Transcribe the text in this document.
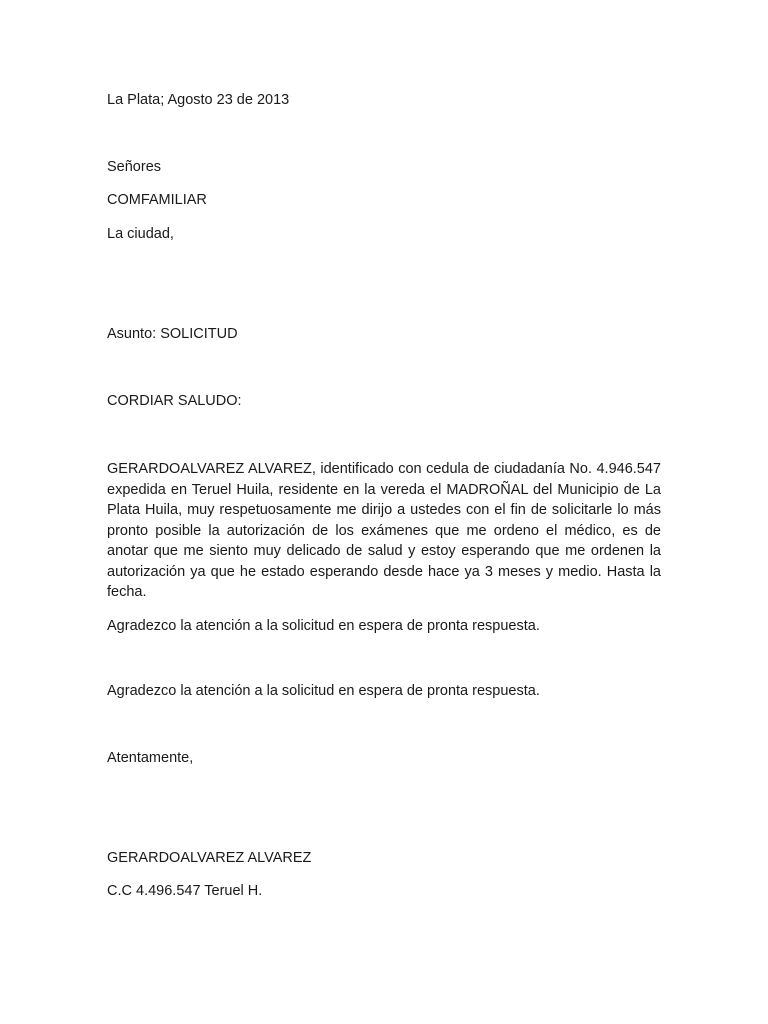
La Plata; Agosto 23 de 2013
Señores
COMFAMILIAR
La ciudad,
Asunto: SOLICITUD
CORDIAR SALUDO:
GERARDOALVAREZ ALVAREZ, identificado con cedula de ciudadanía No. 4.946.547 expedida en Teruel Huila, residente en la vereda el MADROÑAL del Municipio de La Plata Huila, muy respetuosamente me dirijo a ustedes con el fin de solicitarle lo más pronto posible la autorización de los exámenes que me ordeno el médico, es de anotar que me siento muy delicado de salud y estoy esperando que me ordenen la autorización ya que he estado esperando desde hace ya 3 meses y medio. Hasta la fecha.
Agradezco la atención a la solicitud en espera de pronta respuesta.
Agradezco la atención a la solicitud en espera de pronta respuesta.
Atentamente,
GERARDOALVAREZ ALVAREZ
C.C 4.496.547 Teruel H.
